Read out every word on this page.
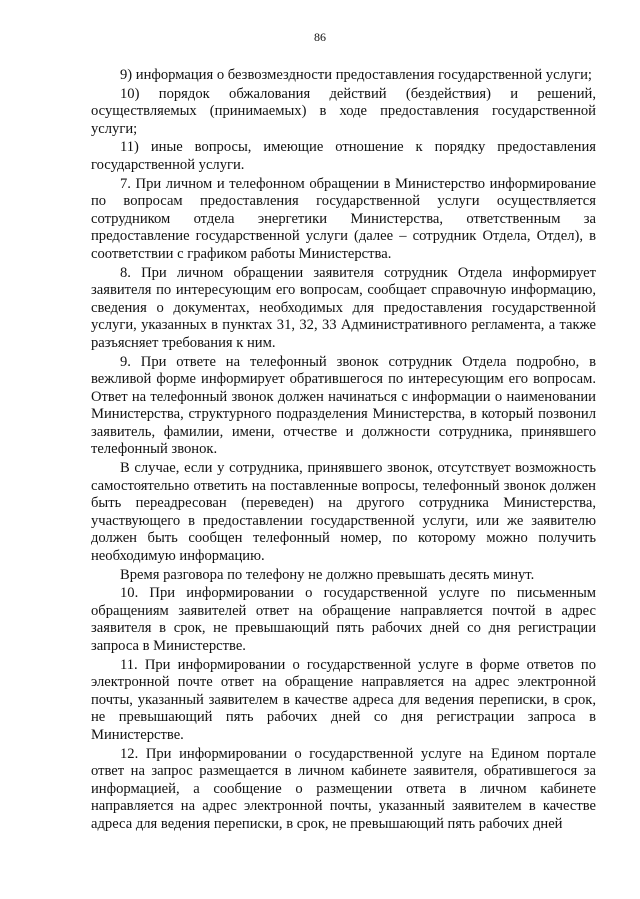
86

9) информация о безвозмездности предоставления государственной услуги;

10) порядок обжалования действий (бездействия) и решений, осуществляемых (принимаемых) в ходе предоставления государственной услуги;

11) иные вопросы, имеющие отношение к порядку предоставления государственной услуги.

7. При личном и телефонном обращении в Министерство информирование по вопросам предоставления государственной услуги осуществляется сотрудником отдела энергетики Министерства, ответственным за предоставление государственной услуги (далее – сотрудник Отдела, Отдел), в соответствии с графиком работы Министерства.

8. При личном обращении заявителя сотрудник Отдела информирует заявителя по интересующим его вопросам, сообщает справочную информацию, сведения о документах, необходимых для предоставления государственной услуги, указанных в пунктах 31, 32, 33 Административного регламента, а также разъясняет требования к ним.

9. При ответе на телефонный звонок сотрудник Отдела подробно, в вежливой форме информирует обратившегося по интересующим его вопросам. Ответ на телефонный звонок должен начинаться с информации о наименовании Министерства, структурного подразделения Министерства, в который позвонил заявитель, фамилии, имени, отчестве и должности сотрудника, принявшего телефонный звонок.

В случае, если у сотрудника, принявшего звонок, отсутствует возможность самостоятельно ответить на поставленные вопросы, телефонный звонок должен быть переадресован (переведен) на другого сотрудника Министерства, участвующего в предоставлении государственной услуги, или же заявителю должен быть сообщен телефонный номер, по которому можно получить необходимую информацию.

Время разговора по телефону не должно превышать десять минут.

10. При информировании о государственной услуге по письменным обращениям заявителей ответ на обращение направляется почтой в адрес заявителя в срок, не превышающий пять рабочих дней со дня регистрации запроса в Министерстве.

11. При информировании о государственной услуге в форме ответов по электронной почте ответ на обращение направляется на адрес электронной почты, указанный заявителем в качестве адреса для ведения переписки, в срок, не превышающий пять рабочих дней со дня регистрации запроса в Министерстве.

12. При информировании о государственной услуге на Едином портале ответ на запрос размещается в личном кабинете заявителя, обратившегося за информацией, а сообщение о размещении ответа в личном кабинете направляется на адрес электронной почты, указанный заявителем в качестве адреса для ведения переписки, в срок, не превышающий пять рабочих дней
